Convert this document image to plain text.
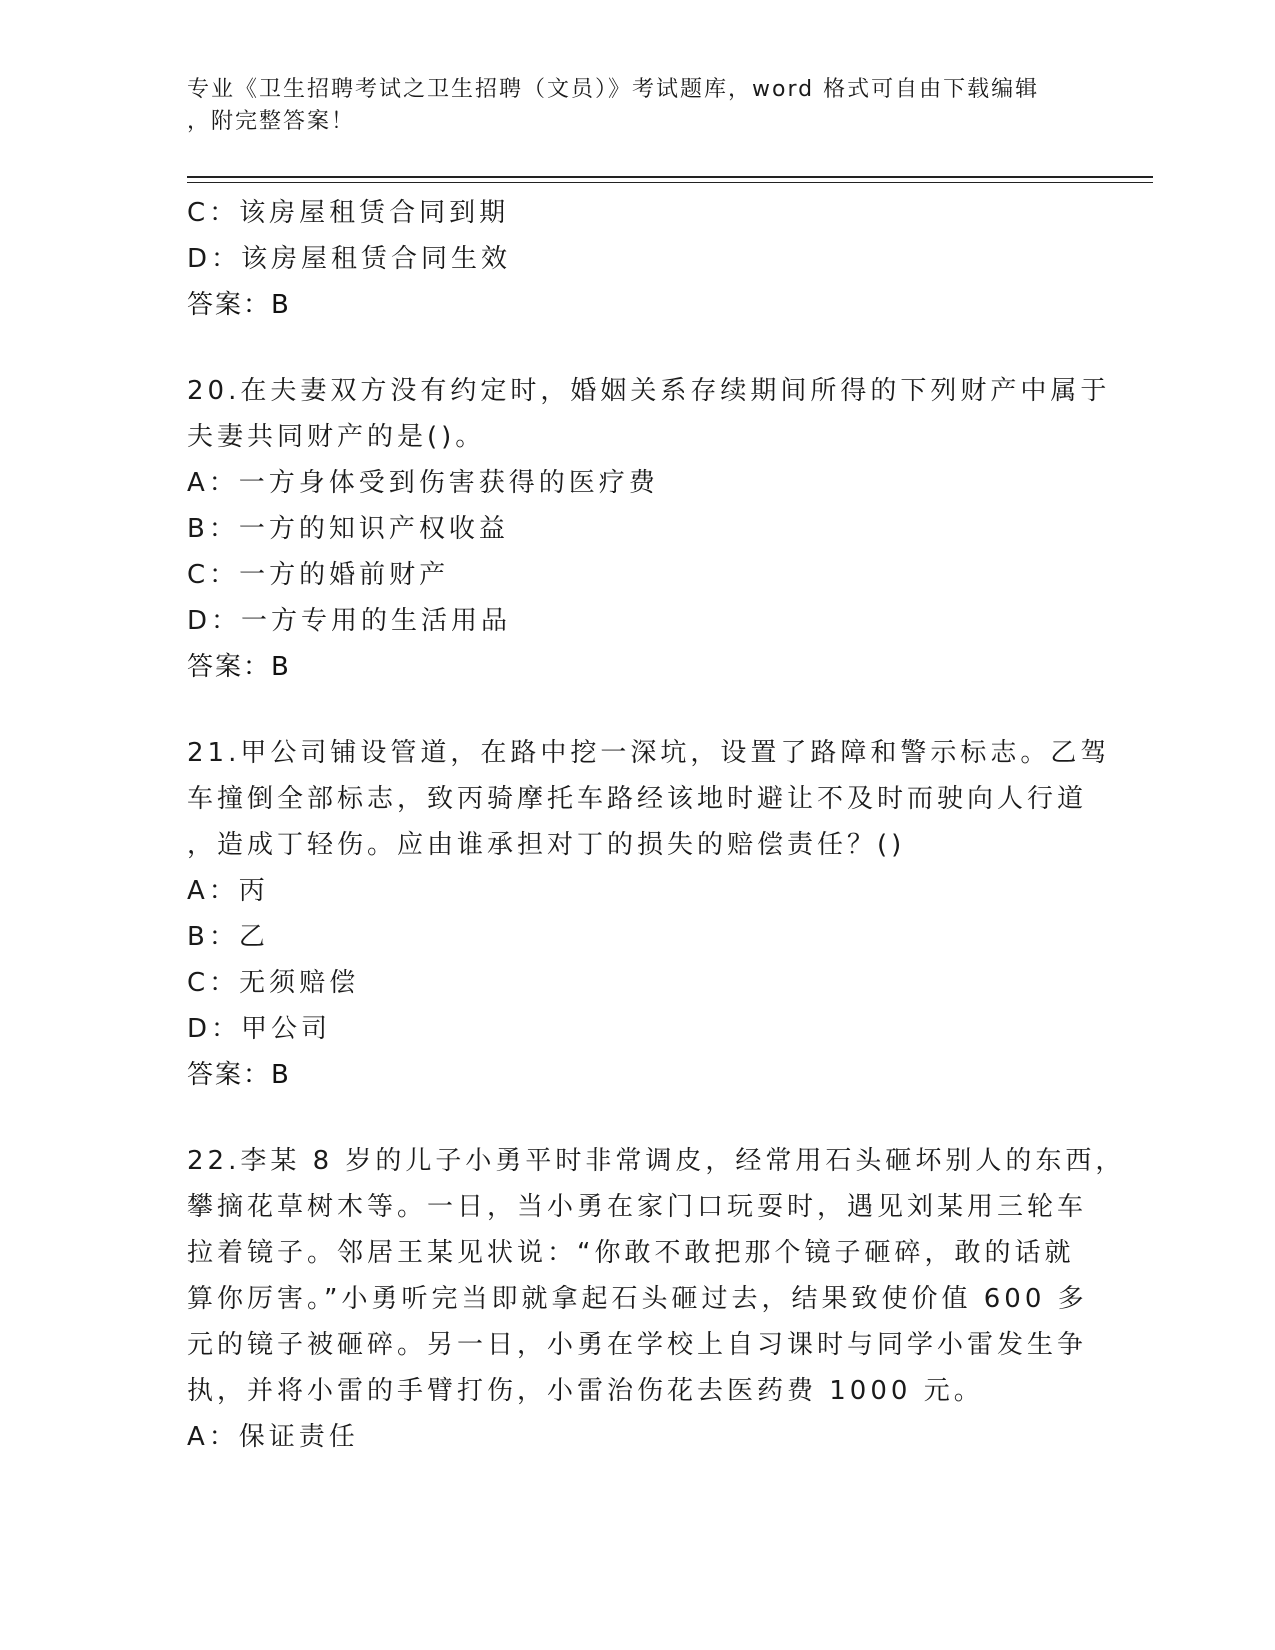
专业《卫生招聘考试之卫生招聘（文员）》考试题库，word 格式可自由下载编辑
，附完整答案！
C：该房屋租赁合同到期
D：该房屋租赁合同生效
答案：B
20.在夫妻双方没有约定时，婚姻关系存续期间所得的下列财产中属于
夫妻共同财产的是()。
A：一方身体受到伤害获得的医疗费
B：一方的知识产权收益
C：一方的婚前财产
D：一方专用的生活用品
答案：B
21.甲公司铺设管道，在路中挖一深坑，设置了路障和警示标志。乙驾
车撞倒全部标志，致丙骑摩托车路经该地时避让不及时而驶向人行道
，造成丁轻伤。应由谁承担对丁的损失的赔偿责任？()
A：丙
B：乙
C：无须赔偿
D：甲公司
答案：B
22.李某 8 岁的儿子小勇平时非常调皮，经常用石头砸坏别人的东西，
攀摘花草树木等。一日，当小勇在家门口玩耍时，遇见刘某用三轮车
拉着镜子。邻居王某见状说：“你敢不敢把那个镜子砸碎，敢的话就
算你厉害。”小勇听完当即就拿起石头砸过去，结果致使价值 600 多
元的镜子被砸碎。另一日，小勇在学校上自习课时与同学小雷发生争
执，并将小雷的手臂打伤，小雷治伤花去医药费 1000 元。
A：保证责任
